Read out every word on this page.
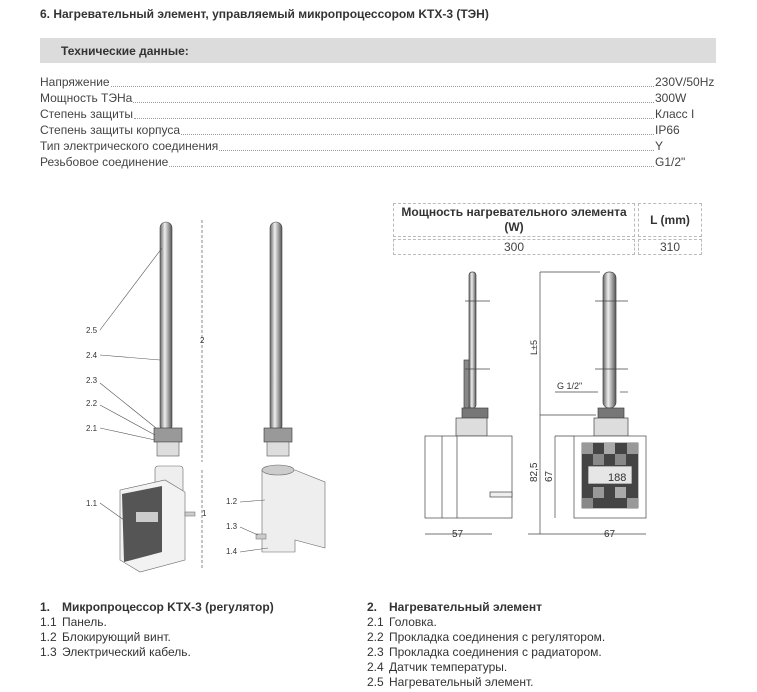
6. Нагревательный элемент, управляемый микропроцессором KTX-3 (ТЭН)
Технические данные:
Напряжение	230V/50Hz
Мощность ТЭНа	300W
Степень защиты	Класс I
Степень защиты корпуса	IP66
Тип электрического соединения	Y
Резьбовое соединение	G1/2"
Мощность нагревательного элемента (W)	L (mm)
300	310
2.5
2.4
2.3
2.2
2.1
1.1
2
1
1.2
1.3
1.4
57
188
G 1/2"
L±5
82,5 67
67
1. Микропроцессор KTX-3 (регулятор)
1.1 Панель.
1.2 Блокирующий винт.
1.3 Электрический кабель.
2. Нагревательный элемент
2.1 Головка.
2.2 Прокладка соединения с регулятором.
2.3 Прокладка соединения с радиатором.
2.4 Датчик температуры.
2.5 Нагревательный элемент.
